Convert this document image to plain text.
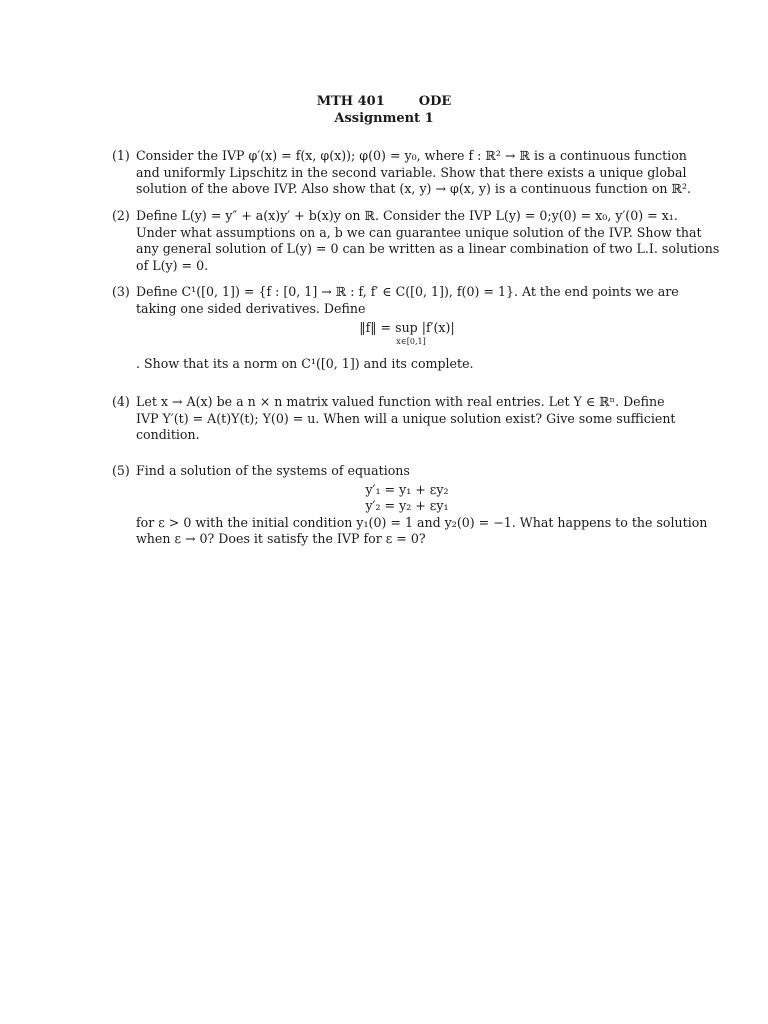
MTH 401	ODE
Assignment 1
(1) Consider the IVP φ′(x) = f(x, φ(x)); φ(0) = y₀, where f : ℝ² → ℝ is a continuous function
and uniformly Lipschitz in the second variable. Show that there exists a unique global
solution of the above IVP. Also show that (x, y) → φ(x, y) is a continuous function on ℝ².
(2) Define L(y) = y″ + a(x)y′ + b(x)y on ℝ. Consider the IVP L(y) = 0;y(0) = x₀, y′(0) = x₁.
Under what assumptions on a, b we can guarantee unique solution of the IVP. Show that
any general solution of L(y) = 0 can be written as a linear combination of two L.I. solutions
of L(y) = 0.
(3) Define C¹([0, 1]) = {f : [0, 1] → ℝ : f, f′ ∈ C([0, 1]), f(0) = 1}. At the end points we are
taking one sided derivatives. Define
‖f‖ = sup |f′(x)|
x∈[0,1]
. Show that its a norm on C¹([0, 1]) and its complete.
(4) Let x → A(x) be a n × n matrix valued function with real entries. Let Y ∈ ℝⁿ. Define
IVP Y′(t) = A(t)Y(t); Y(0) = u. When will a unique solution exist? Give some sufficient
condition.
(5) Find a solution of the systems of equations
y′₁ = y₁ + εy₂
y′₂ = y₂ + εy₁
for ε > 0 with the initial condition y₁(0) = 1 and y₂(0) = −1. What happens to the solution
when ε → 0? Does it satisfy the IVP for ε = 0?
